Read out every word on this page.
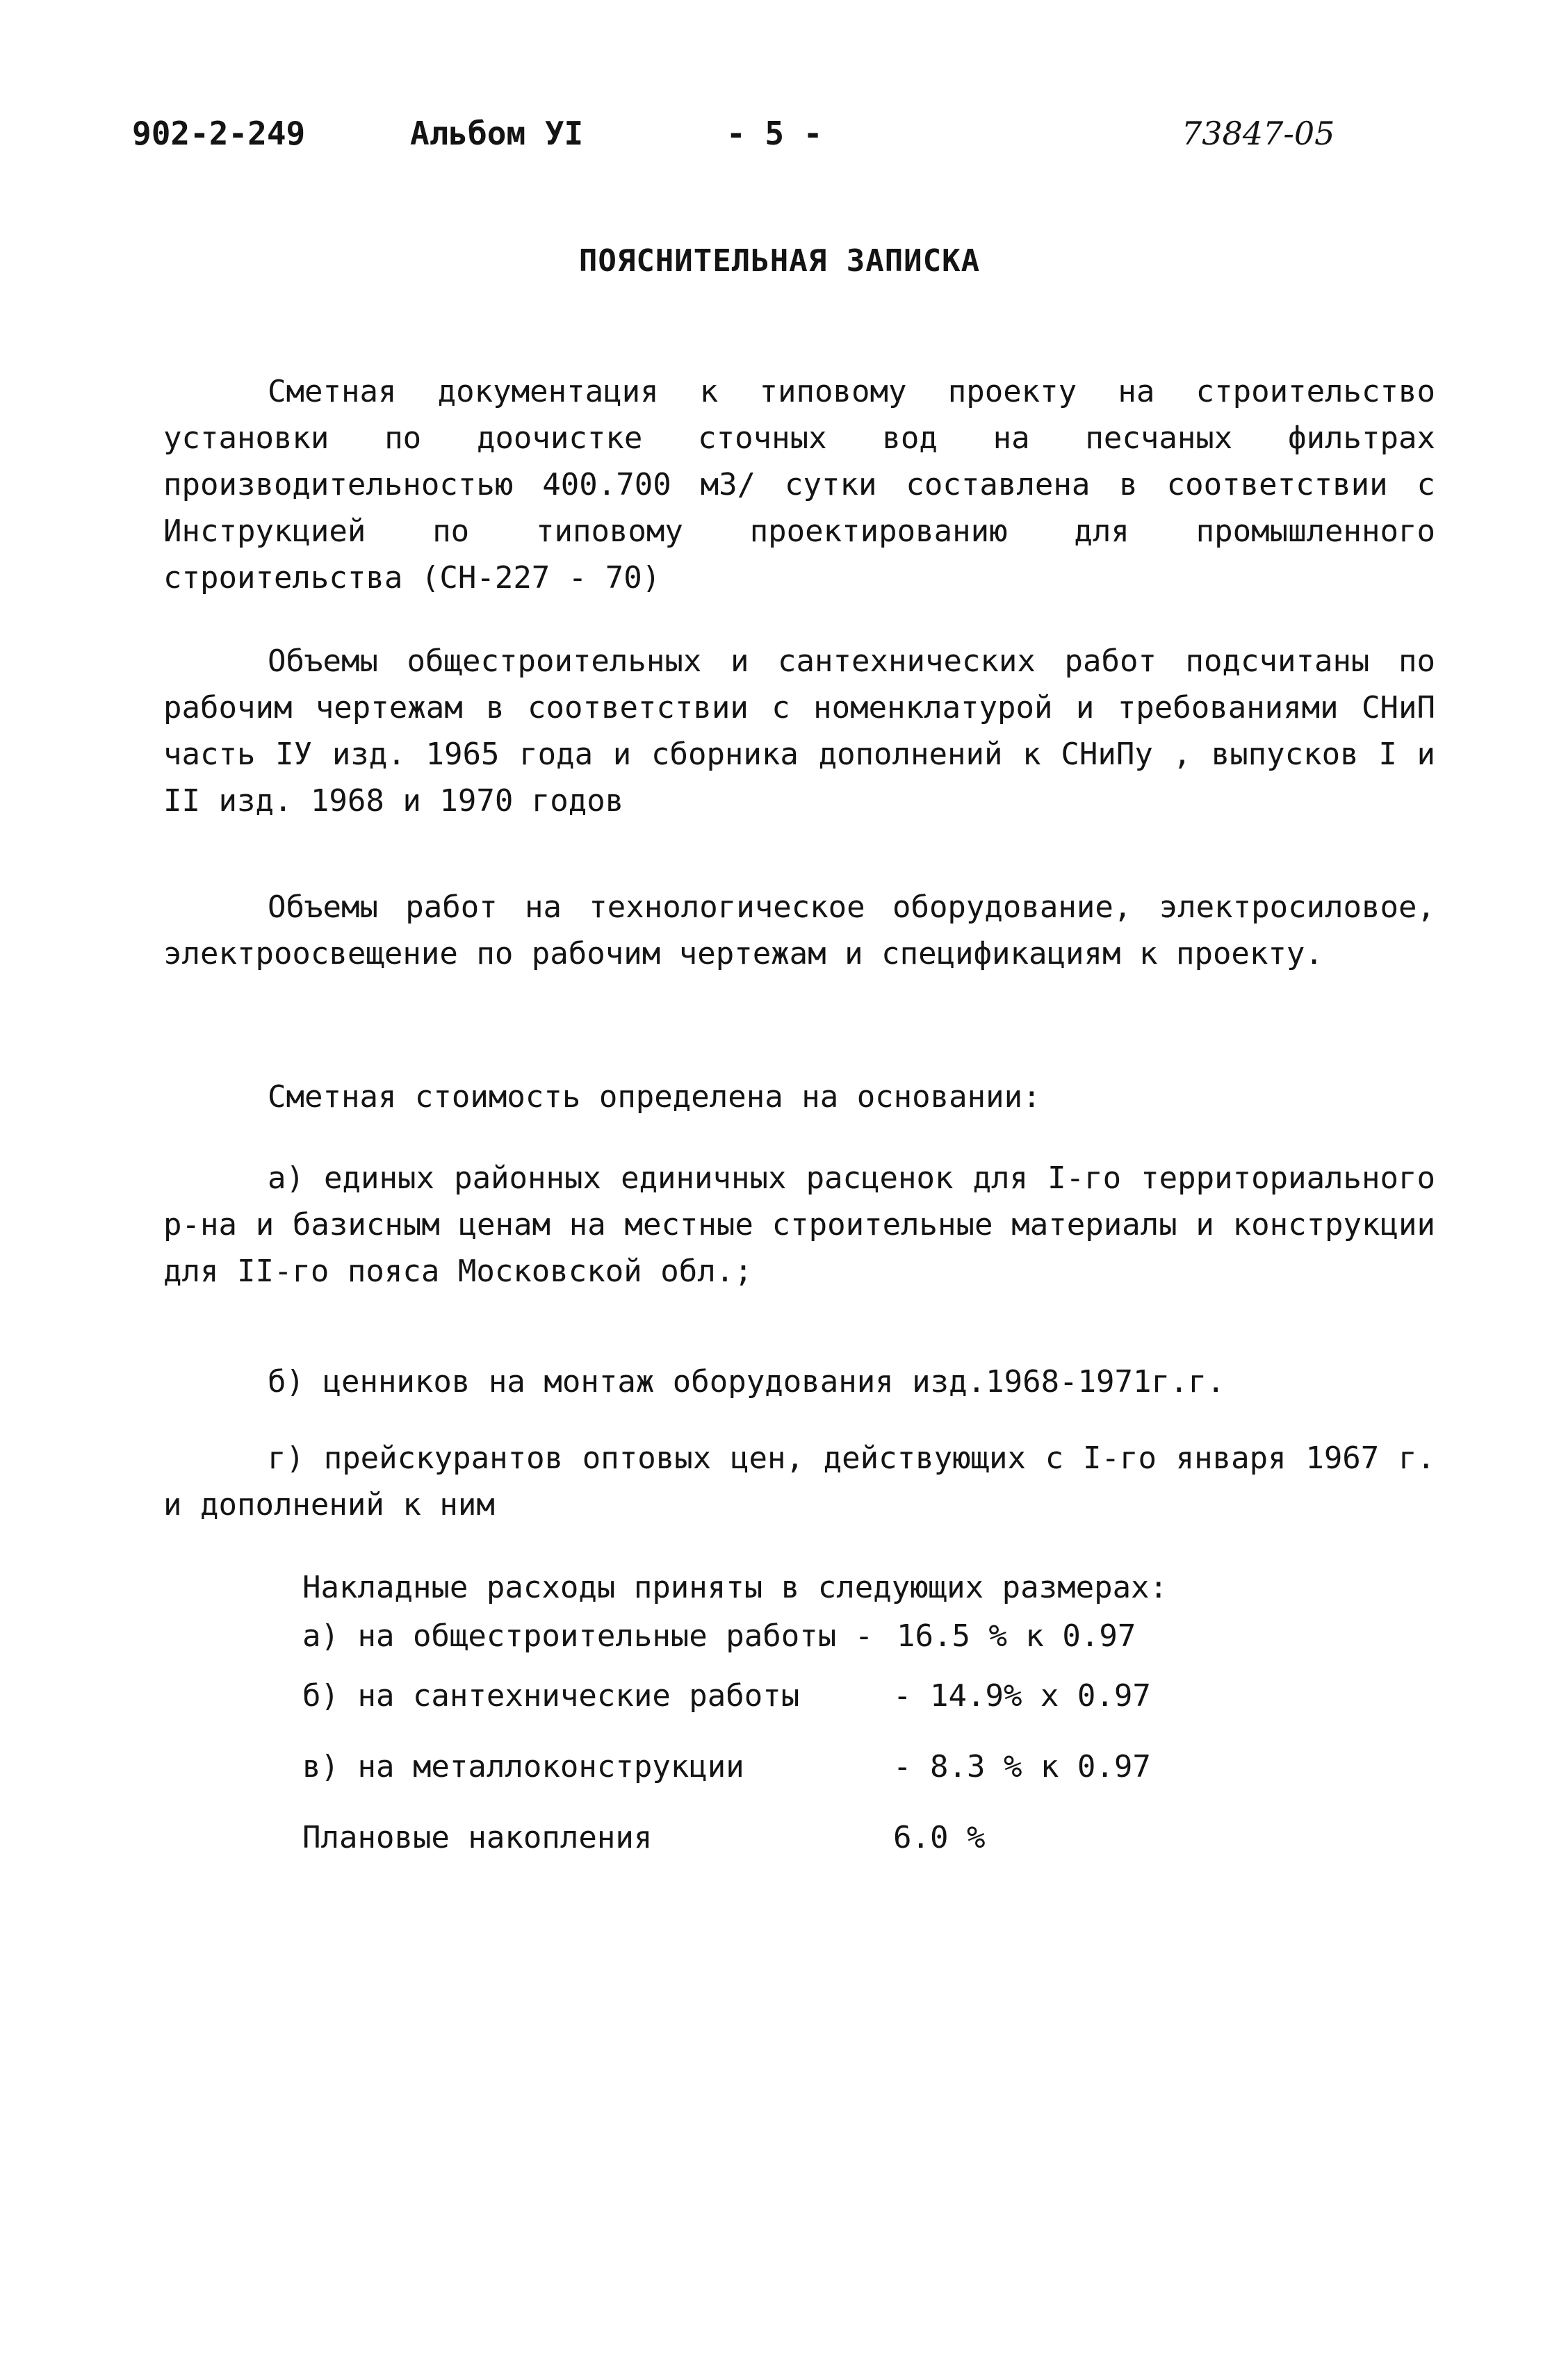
902-2-249	Альбом УI	- 5 -	73847-05
ПОЯСНИТЕЛЬНАЯ ЗАПИСКА
Сметная документация к типовому проекту на строительство установки по доочистке сточных вод на песчаных фильтрах производительностью 400.700 м3/ сутки составлена в соответствии с Инструкцией по типовому проектированию для промышленного строительства (СН-227 - 70)
Объемы общестроительных и сантехнических работ подсчитаны по рабочим чертежам в соответствии с номенклатурой и требованиями СНиП часть IУ изд. 1965 года и сборника дополнений к СНиПу , выпусков I и II изд. 1968 и 1970 годов
Объемы работ на технологическое оборудование, электросиловое, электроосвещение по рабочим чертежам и спецификациям к проекту.
Сметная стоимость определена на основании:
а) единых районных единичных расценок для I-го территориального р-на и базисным ценам на местные строительные материалы и конструкции для II-го пояса Московской обл.;
б) ценников на монтаж оборудования изд.1968-1971г.г.
г) прейскурантов оптовых цен, действующих с I-го января 1967 г. и дополнений к ним
Накладные расходы приняты в следующих размерах:
а) на общестроительные работы - 16.5 % к 0.97
б) на сантехнические работы	- 14.9% х 0.97
в) на металлоконструкции	- 8.3 % к 0.97
Плановые накопления	6.0 %
